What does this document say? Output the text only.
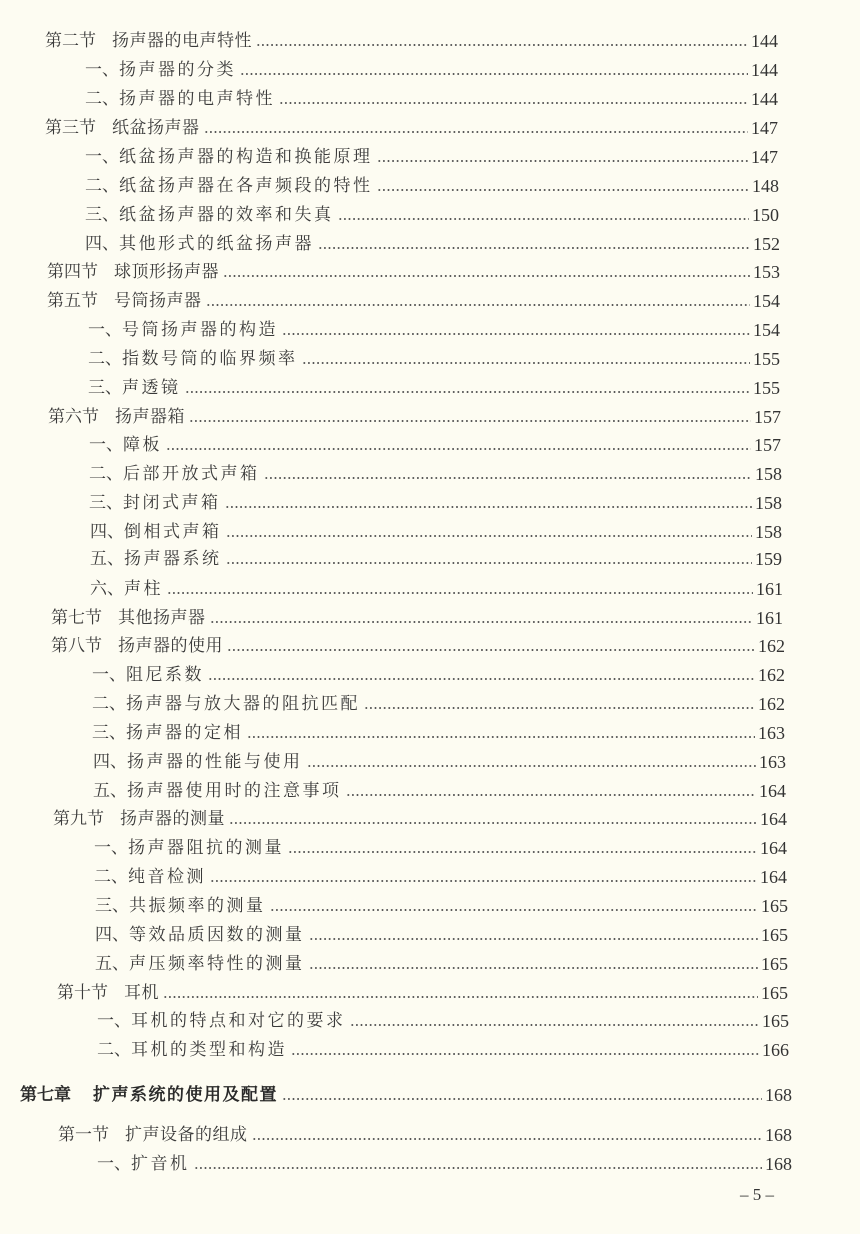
第二节 扬声器的电声特性	144
一、 扬声器的分类	144
二、 扬声器的电声特性	144
第三节 纸盆扬声器	147
一、 纸盆扬声器的构造和换能原理	147
二、 纸盆扬声器在各声频段的特性	148
三、 纸盆扬声器的效率和失真	150
四、 其他形式的纸盆扬声器	152
第四节 球顶形扬声器	153
第五节 号筒扬声器	154
一、 号筒扬声器的构造	154
二、 指数号筒的临界频率	155
三、 声透镜	155
第六节 扬声器箱	157
一、 障板	157
二、 后部开放式声箱	158
三、 封闭式声箱	158
四、 倒相式声箱	158
五、 扬声器系统	159
六、 声柱	161
第七节 其他扬声器	161
第八节 扬声器的使用	162
一、 阻尼系数	162
二、 扬声器与放大器的阻抗匹配	162
三、 扬声器的定相	163
四、 扬声器的性能与使用	163
五、 扬声器使用时的注意事项	164
第九节 扬声器的测量	164
一、 扬声器阻抗的测量	164
二、 纯音检测	164
三、 共振频率的测量	165
四、 等效品质因数的测量	165
五、 声压频率特性的测量	165
第十节 耳机	165
一、 耳机的特点和对它的要求	165
二、 耳机的类型和构造	166
第七章 扩声系统的使用及配置	168
第一节 扩声设备的组成	168
一、 扩音机	168
– 5 –
